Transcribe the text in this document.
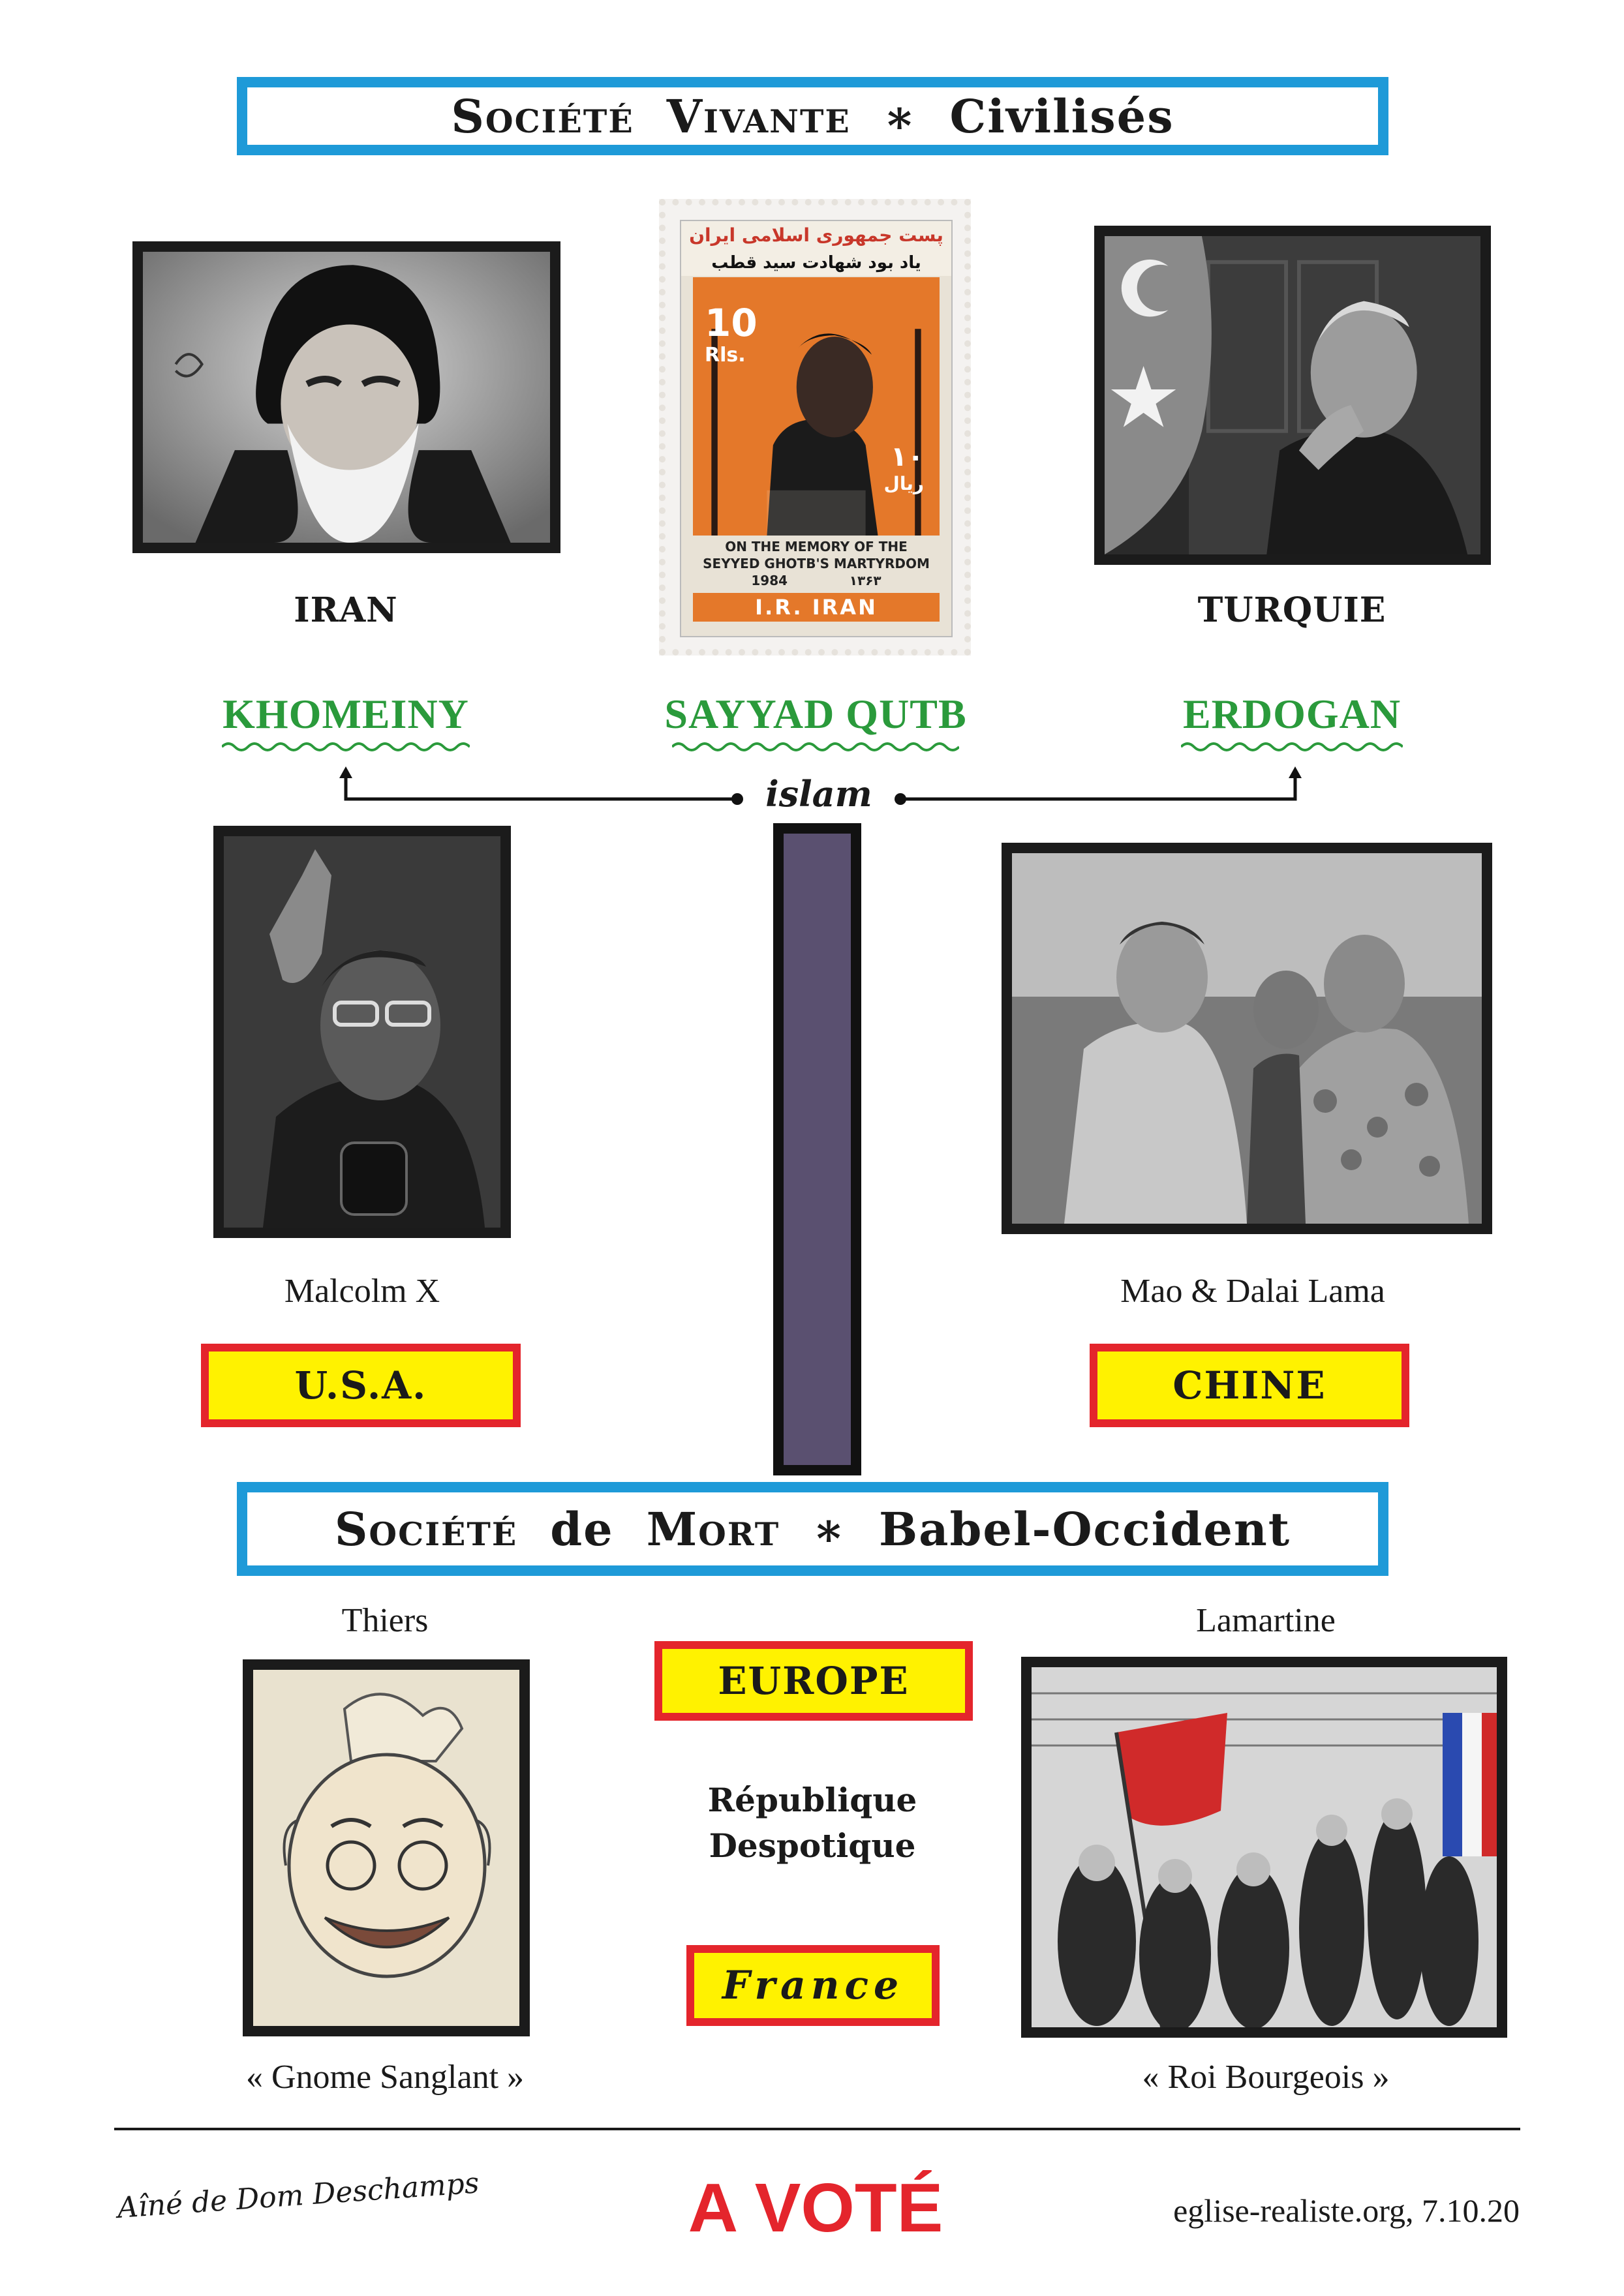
Société Vivante ∗ Civilisés
پست جمهوری اسلامی ایران
یاد بود شهادت سید قطب
10
Rls.
۱۰
ریال
ON THE MEMORY OF THE
SEYYED GHOTB'S MARTYRDOM
1984	۱۳۶۳
I.R. IRAN
IRAN	TURQUIE
KHOMEINY	SAYYAD QUTB	ERDOGAN
islam
Malcolm X	Mao & Dalai Lama
U.S.A.	CHINE
Société de Mort ∗ Babel-Occident
Thiers	Lamartine
EUROPE
République
Despotique
France
« Gnome Sanglant »	« Roi Bourgeois »
Aîné de Dom Deschamps	A VOTÉ	eglise-realiste.org, 7.10.20
